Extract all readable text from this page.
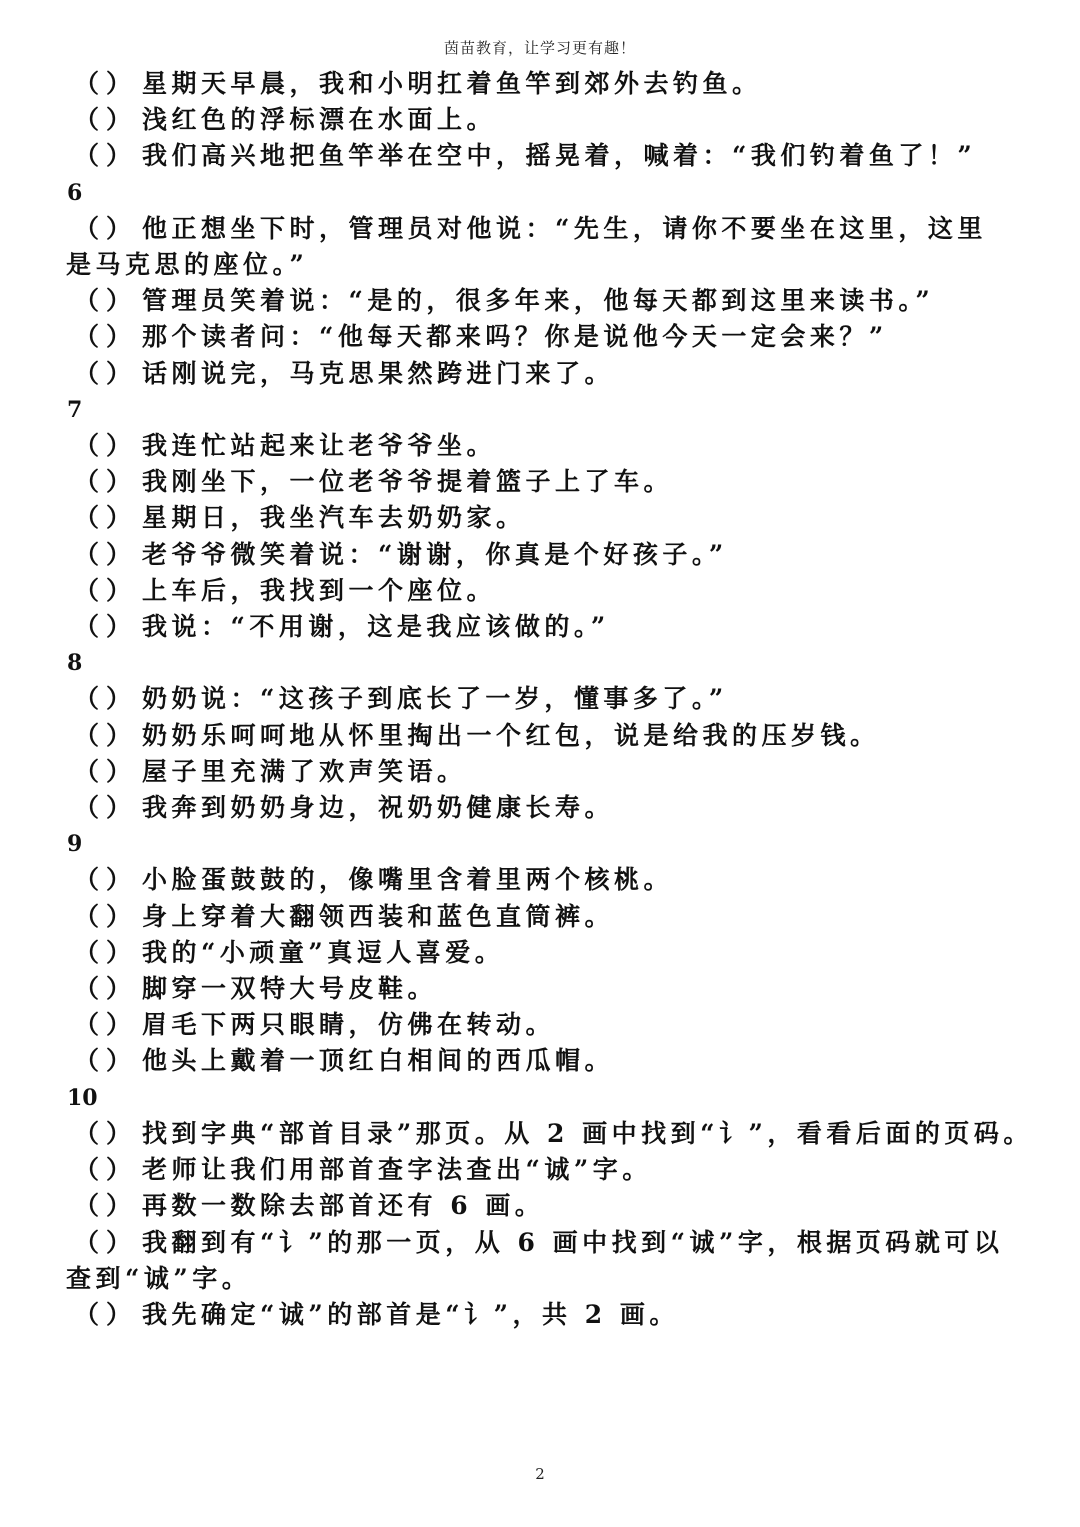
茵苗教育，让学习更有趣！
（ ） 星期天早晨，我和小明扛着鱼竿到郊外去钓鱼。
（ ） 浅红色的浮标漂在水面上。
（ ） 我们高兴地把鱼竿举在空中，摇晃着，喊着：“我们钓着鱼了！”
6
（ ） 他正想坐下时，管理员对他说：“先生，请你不要坐在这里，这里是马克思的座位。”
（ ） 管理员笑着说：“是的，很多年来，他每天都到这里来读书。”
（ ） 那个读者问：“他每天都来吗？你是说他今天一定会来？”
（ ） 话刚说完，马克思果然跨进门来了。
7
（ ） 我连忙站起来让老爷爷坐。
（ ） 我刚坐下，一位老爷爷提着篮子上了车。
（ ） 星期日，我坐汽车去奶奶家。
（ ） 老爷爷微笑着说：“谢谢，你真是个好孩子。”
（ ） 上车后，我找到一个座位。
（ ） 我说：“不用谢，这是我应该做的。”
8
（ ） 奶奶说：“这孩子到底长了一岁，懂事多了。”
（ ） 奶奶乐呵呵地从怀里掏出一个红包，说是给我的压岁钱。
（ ） 屋子里充满了欢声笑语。
（ ） 我奔到奶奶身边，祝奶奶健康长寿。
9
（ ） 小脸蛋鼓鼓的，像嘴里含着里两个核桃。
（ ） 身上穿着大翻领西装和蓝色直筒裤。
（ ） 我的“小顽童”真逗人喜爱。
（ ） 脚穿一双特大号皮鞋。
（ ） 眉毛下两只眼睛，仿佛在转动。
（ ） 他头上戴着一顶红白相间的西瓜帽。
10
（ ） 找到字典“部首目录”那页。从 2 画中找到“讠”，看看后面的页码。
（ ） 老师让我们用部首查字法查出“诚”字。
（ ） 再数一数除去部首还有 6 画。
（ ） 我翻到有“讠”的那一页，从 6 画中找到“诚”字，根据页码就可以查到“诚”字。
（ ） 我先确定“诚”的部首是“讠”，共 2 画。
2
